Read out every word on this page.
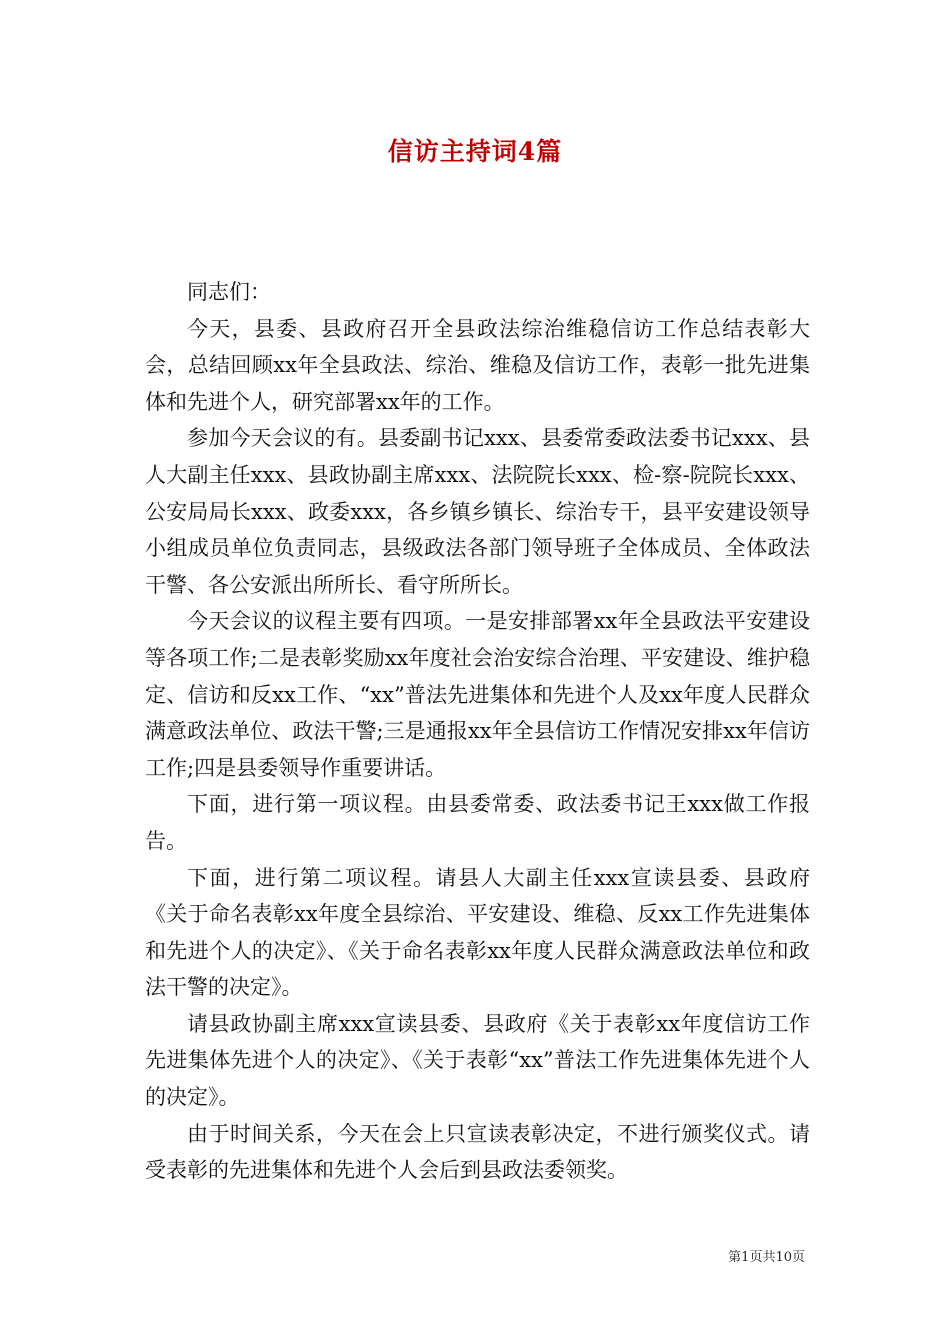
信访主持词4篇

同志们：

今天，县委、县政府召开全县政法综治维稳信访工作总结表彰大会，总结回顾xx年全县政法、综治、维稳及信访工作，表彰一批先进集体和先进个人，研究部署xx年的工作。

参加今天会议的有。县委副书记xxx、县委常委政法委书记xxx、县人大副主任xxx、县政协副主席xxx、法院院长xxx、检-察-院院长xxx、公安局局长xxx、政委xxx，各乡镇乡镇长、综治专干，县平安建设领导小组成员单位负责同志，县级政法各部门领导班子全体成员、全体政法干警、各公安派出所所长、看守所所长。

今天会议的议程主要有四项。一是安排部署xx年全县政法平安建设等各项工作;二是表彰奖励xx年度社会治安综合治理、平安建设、维护稳定、信访和反xx工作、“xx”普法先进集体和先进个人及xx年度人民群众满意政法单位、政法干警;三是通报xx年全县信访工作情况安排xx年信访工作;四是县委领导作重要讲话。

下面，进行第一项议程。由县委常委、政法委书记王xxx做工作报告。

下面，进行第二项议程。请县人大副主任xxx宣读县委、县政府《关于命名表彰xx年度全县综治、平安建设、维稳、反xx工作先进集体和先进个人的决定》、《关于命名表彰xx年度人民群众满意政法单位和政法干警的决定》。

请县政协副主席xxx宣读县委、县政府《关于表彰xx年度信访工作先进集体先进个人的决定》、《关于表彰“xx”普法工作先进集体先进个人的决定》。

由于时间关系，今天在会上只宣读表彰决定，不进行颁奖仪式。请受表彰的先进集体和先进个人会后到县政法委领奖。

第1页共10页
